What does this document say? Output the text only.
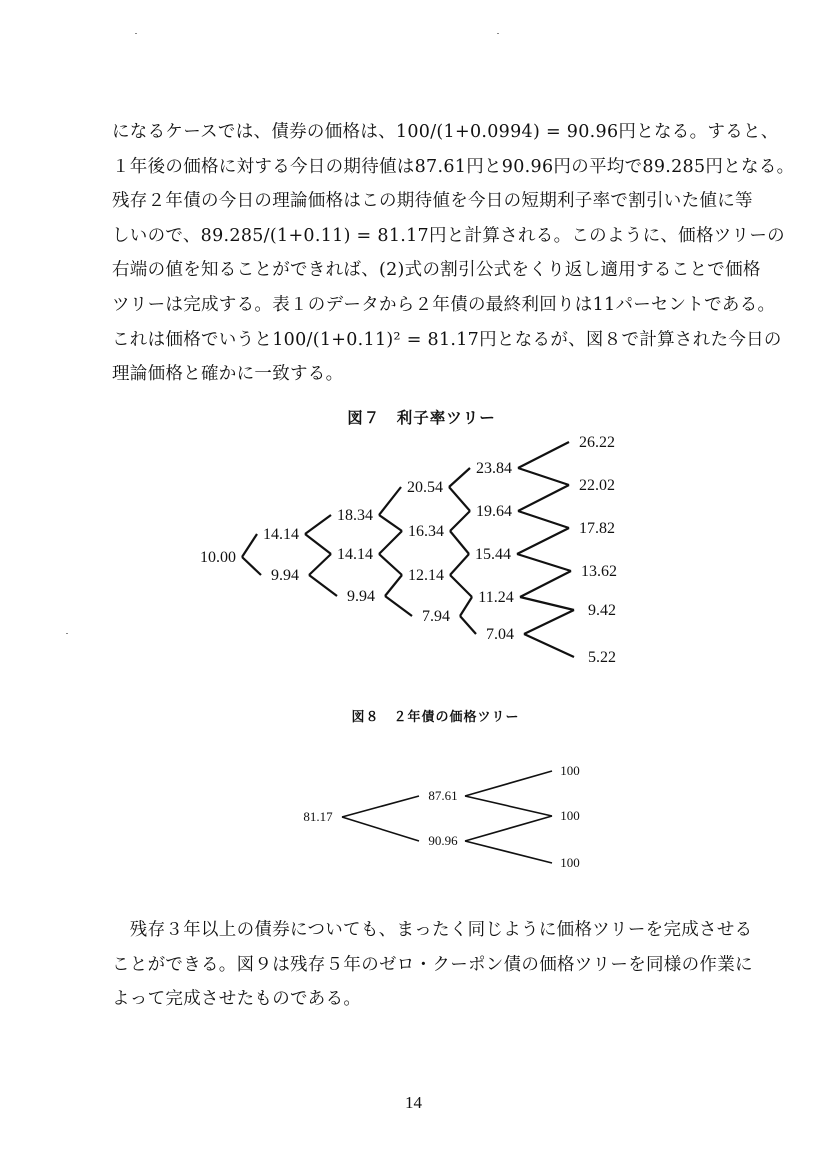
になるケースでは、債券の価格は、100/(1+0.0994) = 90.96円となる。すると、
１年後の価格に対する今日の期待値は87.61円と90.96円の平均で89.285円となる。
残存２年債の今日の理論価格はこの期待値を今日の短期利子率で割引いた値に等
しいので、89.285/(1+0.11) = 81.17円と計算される。このように、価格ツリーの
右端の値を知ることができれば、(2)式の割引公式をくり返し適用することで価格
ツリーは完成する。表１のデータから２年債の最終利回りは11パーセントである。
これは価格でいうと100/(1+0.11)² = 81.17円となるが、図８で計算された今日の
理論価格と確かに一致する。
図７　利子率ツリー
10.00
14.14
9.94
18.34
14.14
9.94
20.54
16.34
12.14
7.94
23.84
19.64
15.44
11.24
7.04
26.22
22.02
17.82
13.62
9.42
5.22
図８　２年債の価格ツリー
81.17
87.61
90.96
100
100
100
　残存３年以上の債券についても、まったく同じように価格ツリーを完成させる
ことができる。図９は残存５年のゼロ・クーポン債の価格ツリーを同様の作業に
よって完成させたものである。
14
